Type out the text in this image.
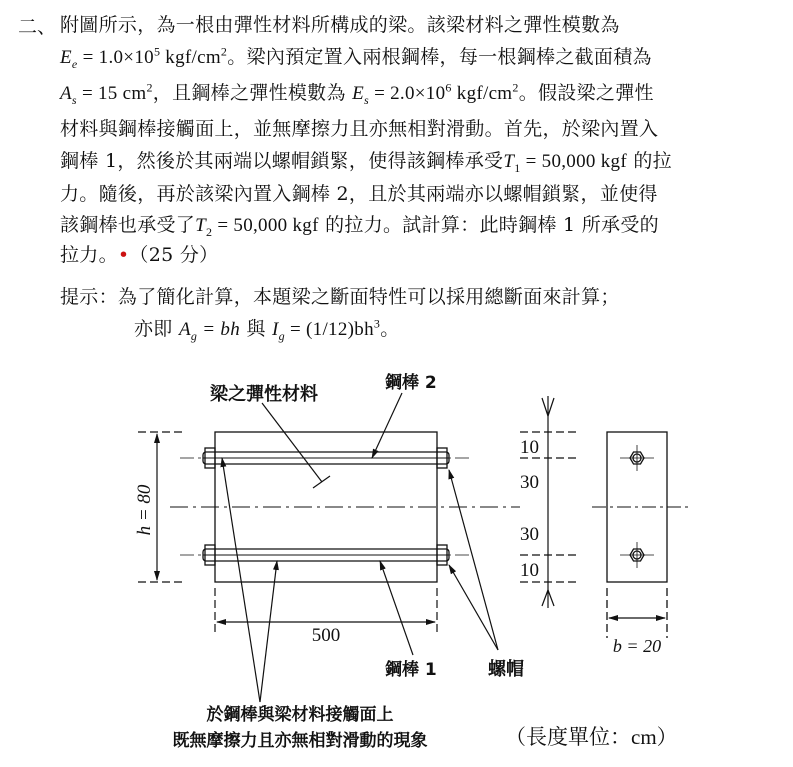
二、 附圖所示，為一根由彈性材料所構成的梁。該梁材料之彈性模數為
$E_e = 1.0\times 10^5$ kgf/$cm^2$。梁內預定置入兩根鋼棒，每一根鋼棒之截面積為
$A_s = 15$ $cm^2$，且鋼棒之彈性模數為 $E_s = 2.0\times 10^6$ kgf/$cm^2$。假設梁之彈性
材料與鋼棒接觸面上，並無摩擦力且亦無相對滑動。首先，於梁內置入
鋼棒 1，然後於其兩端以螺帽鎖緊，使得該鋼棒承受$T_1 = 50,000$ kgf 的拉
力。隨後，再於該梁內置入鋼棒 2，且於其兩端亦以螺帽鎖緊，並使得
該鋼棒也承受了$T_2 = 50,000$ kgf 的拉力。試計算：此時鋼棒 1 所承受的
拉力。•（25 分）
提示：為了簡化計算，本題梁之斷面特性可以採用總斷面來計算；
亦即 $A_g$ = bh 與 $I_g = (1/12)bh^3$。
h = 80
500
10
30
30
10
b = 20
梁之彈性材料
鋼棒 2
鋼棒 1	螺帽
於鋼棒與梁材料接觸面上
既無摩擦力且亦無相對滑動的現象	（長度單位：cm）
